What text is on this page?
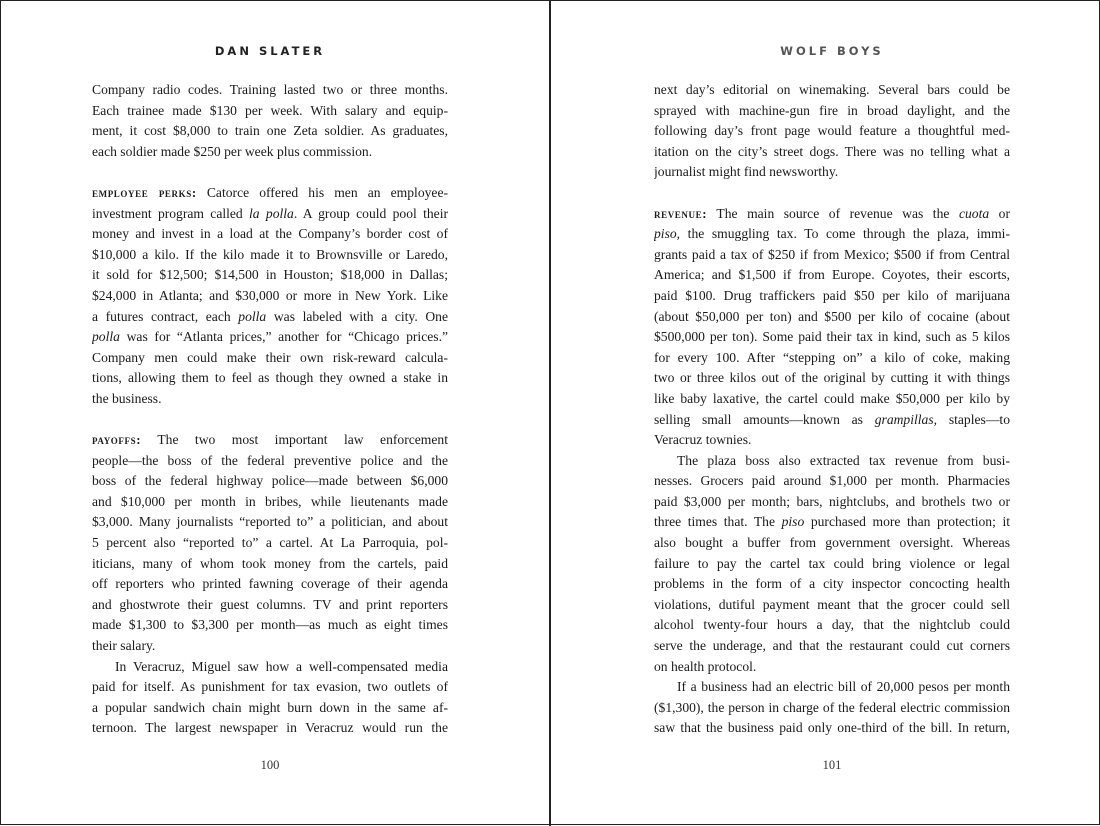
DAN SLATER
Company radio codes. Training lasted two or three months.
Each trainee made $130 per week. With salary and equip-
ment, it cost $8,000 to train one Zeta soldier. As graduates,
each soldier made $250 per week plus commission.
employee perks: Catorce offered his men an employee-
investment program called la polla. A group could pool their
money and invest in a load at the Company’s border cost of
$10,000 a kilo. If the kilo made it to Brownsville or Laredo,
it sold for $12,500; $14,500 in Houston; $18,000 in Dallas;
$24,000 in Atlanta; and $30,000 or more in New York. Like
a futures contract, each polla was labeled with a city. One
polla was for “Atlanta prices,” another for “Chicago prices.”
Company men could make their own risk-reward calcula-
tions, allowing them to feel as though they owned a stake in
the business.
payoffs: The two most important law enforcement
people—the boss of the federal preventive police and the
boss of the federal highway police—made between $6,000
and $10,000 per month in bribes, while lieutenants made
$3,000. Many journalists “reported to” a politician, and about
5 percent also “reported to” a cartel. At La Parroquia, pol-
iticians, many of whom took money from the cartels, paid
off reporters who printed fawning coverage of their agenda
and ghostwrote their guest columns. TV and print reporters
made $1,300 to $3,300 per month—as much as eight times
their salary.
In Veracruz, Miguel saw how a well-compensated media
paid for itself. As punishment for tax evasion, two outlets of
a popular sandwich chain might burn down in the same af-
ternoon. The largest newspaper in Veracruz would run the
100
WOLF BOYS
next day’s editorial on winemaking. Several bars could be
sprayed with machine-gun fire in broad daylight, and the
following day’s front page would feature a thoughtful med-
itation on the city’s street dogs. There was no telling what a
journalist might find newsworthy.
revenue: The main source of revenue was the cuota or
piso, the smuggling tax. To come through the plaza, immi-
grants paid a tax of $250 if from Mexico; $500 if from Central
America; and $1,500 if from Europe. Coyotes, their escorts,
paid $100. Drug traffickers paid $50 per kilo of marijuana
(about $50,000 per ton) and $500 per kilo of cocaine (about
$500,000 per ton). Some paid their tax in kind, such as 5 kilos
for every 100. After “stepping on” a kilo of coke, making
two or three kilos out of the original by cutting it with things
like baby laxative, the cartel could make $50,000 per kilo by
selling small amounts—known as grampillas, staples—to
Veracruz townies.
The plaza boss also extracted tax revenue from busi-
nesses. Grocers paid around $1,000 per month. Pharmacies
paid $3,000 per month; bars, nightclubs, and brothels two or
three times that. The piso purchased more than protection; it
also bought a buffer from government oversight. Whereas
failure to pay the cartel tax could bring violence or legal
problems in the form of a city inspector concocting health
violations, dutiful payment meant that the grocer could sell
alcohol twenty-four hours a day, that the nightclub could
serve the underage, and that the restaurant could cut corners
on health protocol.
If a business had an electric bill of 20,000 pesos per month
($1,300), the person in charge of the federal electric commission
saw that the business paid only one-third of the bill. In return,
101
